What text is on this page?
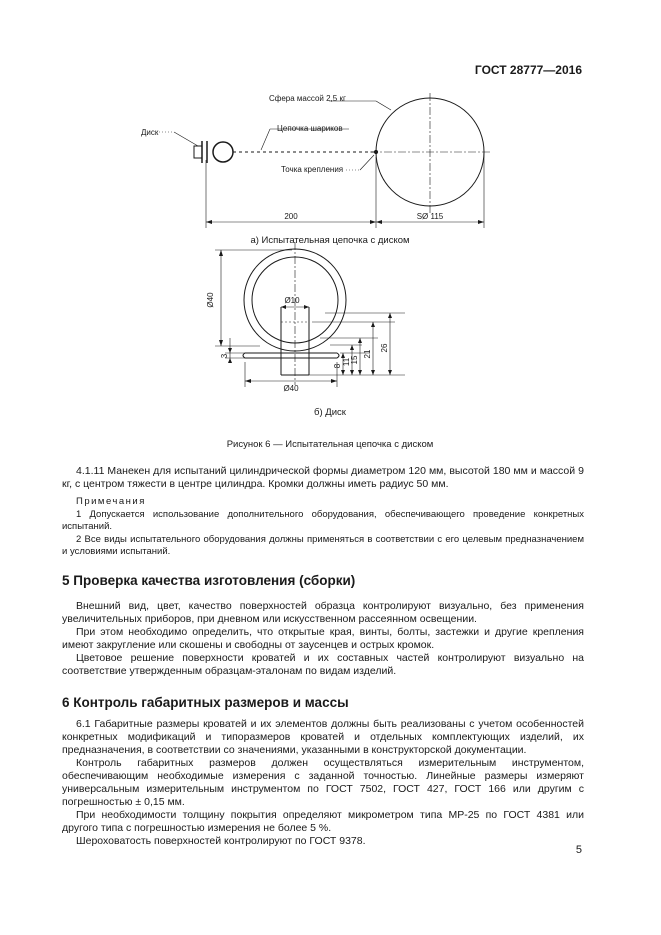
ГОСТ 28777—2016
Диск
Сфера массой 2,5 кг
Цепочка шариков
Точка крепления
200	SØ 115
Ø40	Ø10
Ø40
3
8 11 15
21
26
а) Испытательная цепочка с диском
б) Диск
Рисунок 6 — Испытательная цепочка с диском

4.1.11 Манекен для испытаний цилиндрической формы диаметром 120 мм, высотой 180 мм и массой 9 кг, с центром тяжести в центре цилиндра. Кромки должны иметь радиус 50 мм.

Примечания

1 Допускается использование дополнительного оборудования, обеспечивающего проведение конкретных испытаний.

2 Все виды испытательного оборудования должны применяться в соответствии с его целевым предназначением и условиями испытаний.

5 Проверка качества изготовления (сборки)

Внешний вид, цвет, качество поверхностей образца контролируют визуально, без применения увеличительных приборов, при дневном или искусственном рассеянном освещении.

При этом необходимо определить, что открытые края, винты, болты, застежки и другие крепления имеют закругление или скошены и свободны от заусенцев и острых кромок.

Цветовое решение поверхности кроватей и их составных частей контролируют визуально на соответствие утвержденным образцам-эталонам по видам изделий.

6 Контроль габаритных размеров и массы

6.1 Габаритные размеры кроватей и их элементов должны быть реализованы с учетом особенностей конкретных модификаций и типоразмеров кроватей и отдельных комплектующих изделий, их предназначения, в соответствии со значениями, указанными в конструкторской документации.

Контроль габаритных размеров должен осуществляться измерительным инструментом, обеспечивающим необходимые измерения с заданной точностью. Линейные размеры измеряют универсальным измерительным инструментом по ГОСТ 7502, ГОСТ 427, ГОСТ 166 или другим с погрешностью ± 0,15 мм.

При необходимости толщину покрытия определяют микрометром типа МР-25 по ГОСТ 4381 или другого типа с погрешностью измерения не более 5 %.

Шероховатость поверхностей контролируют по ГОСТ 9378.

5
